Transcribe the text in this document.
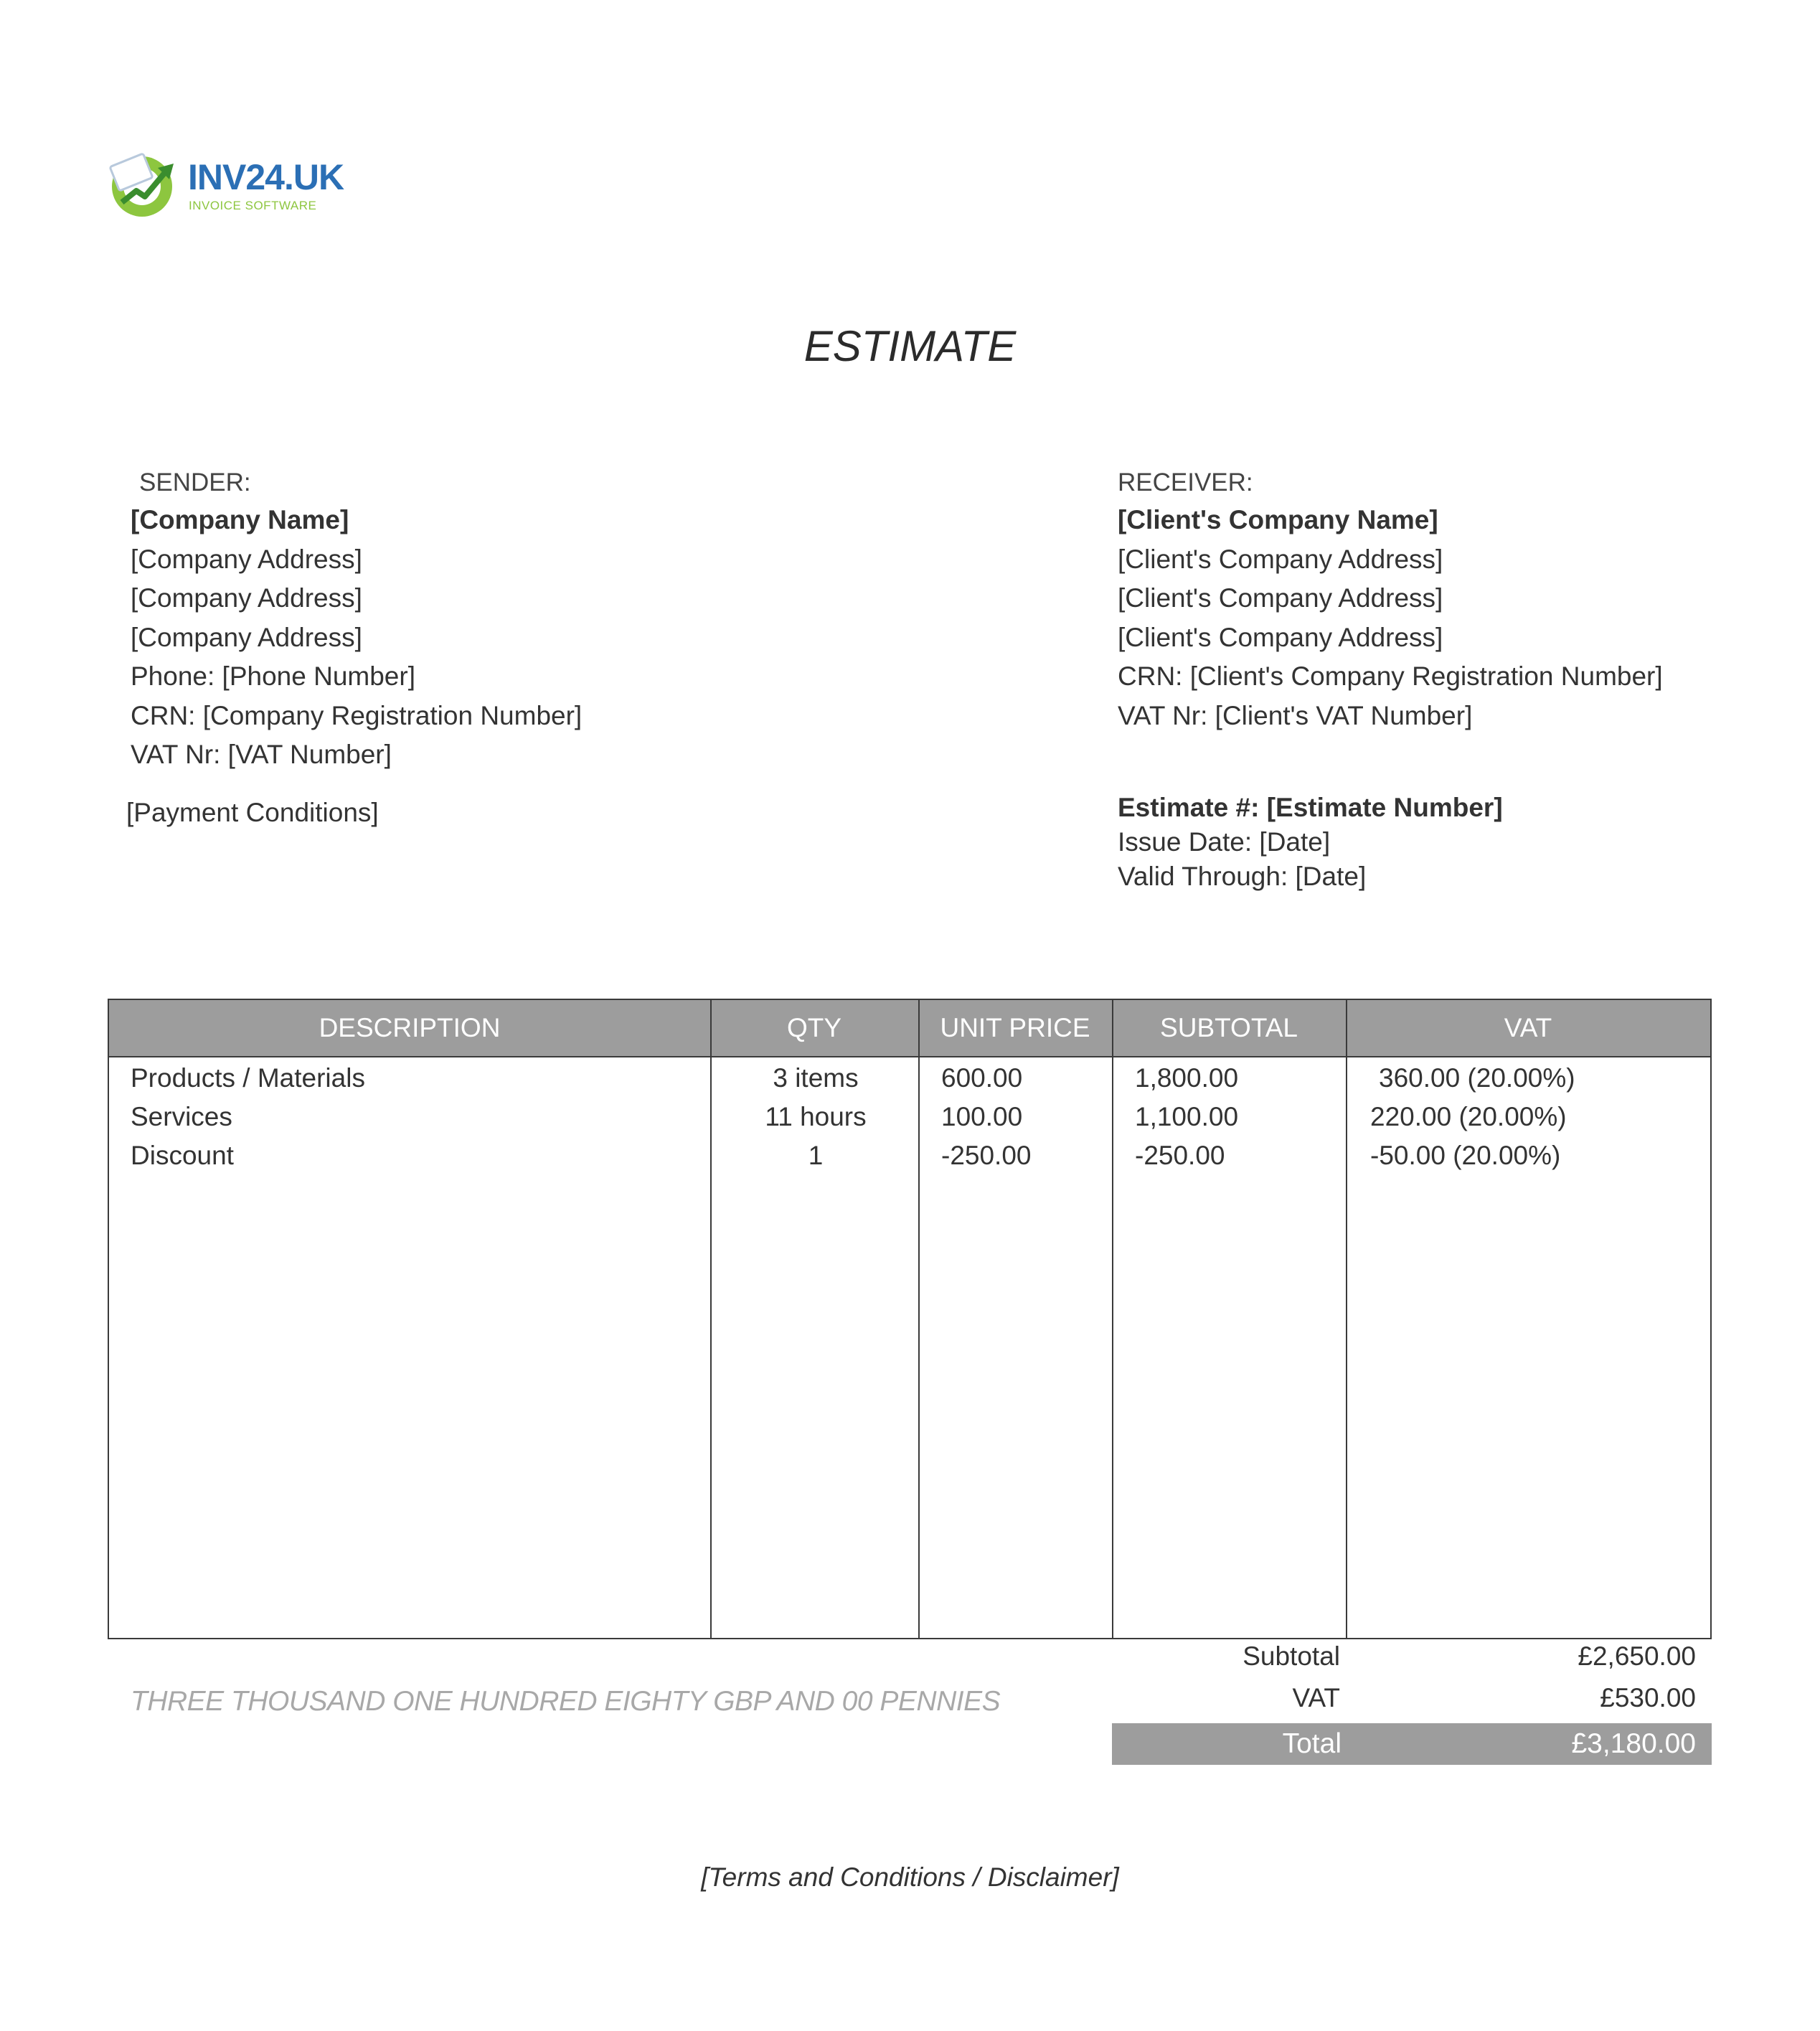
INV24.UK
INVOICE SOFTWARE
ESTIMATE
SENDER:
[Company Name]
[Company Address]
[Company Address]
[Company Address]
Phone: [Phone Number]
CRN: [Company Registration Number]
VAT Nr: [VAT Number]
[Payment Conditions]
RECEIVER:
[Client's Company Name]
[Client's Company Address]
[Client's Company Address]
[Client's Company Address]
CRN: [Client's Company Registration Number]
VAT Nr: [Client's VAT Number]
Estimate #: [Estimate Number]
Issue Date: [Date]
Valid Through: [Date]
DESCRIPTION	QTY	UNIT PRICE	SUBTOTAL	VAT
Products / Materials	3 items	600.00	1,800.00	360.00 (20.00%)
Services	11 hours	100.00	1,100.00	220.00 (20.00%)
Discount	1	-250.00	-250.00	-50.00 (20.00%)
Subtotal	£2,650.00
VAT	£530.00
Total	£3,180.00
THREE THOUSAND ONE HUNDRED EIGHTY GBP AND 00 PENNIES
[Terms and Conditions / Disclaimer]
